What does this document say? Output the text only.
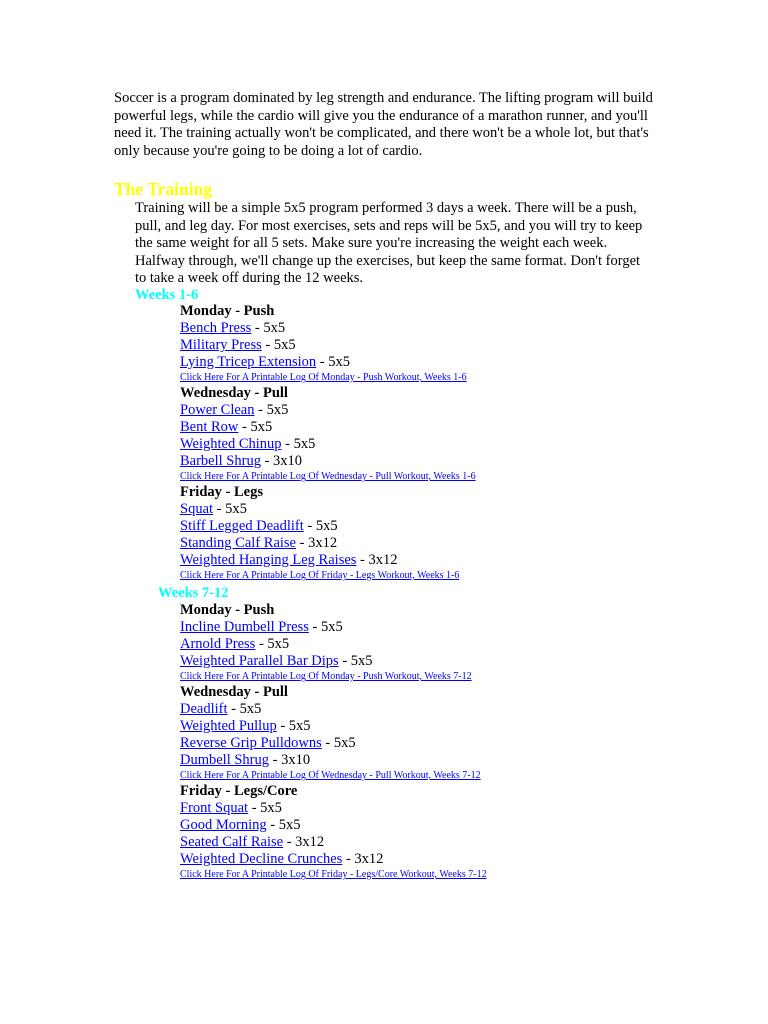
Soccer is a program dominated by leg strength and endurance. The lifting program will build powerful legs, while the cardio will give you the endurance of a marathon runner, and you'll need it. The training actually won't be complicated, and there won't be a whole lot, but that's only because you're going to be doing a lot of cardio.

The Training

Training will be a simple 5x5 program performed 3 days a week. There will be a push, pull, and leg day. For most exercises, sets and reps will be 5x5, and you will try to keep the same weight for all 5 sets. Make sure you're increasing the weight each week. Halfway through, we'll change up the exercises, but keep the same format. Don't forget to take a week off during the 12 weeks.

Weeks 1-6
Monday - Push
Bench Press - 5x5
Military Press - 5x5
Lying Tricep Extension - 5x5
Click Here For A Printable Log Of Monday - Push Workout, Weeks 1-6
Wednesday - Pull
Power Clean - 5x5
Bent Row - 5x5
Weighted Chinup - 5x5
Barbell Shrug - 3x10
Click Here For A Printable Log Of Wednesday - Pull Workout, Weeks 1-6
Friday - Legs
Squat - 5x5
Stiff Legged Deadlift - 5x5
Standing Calf Raise - 3x12
Weighted Hanging Leg Raises - 3x12
Click Here For A Printable Log Of Friday - Legs Workout, Weeks 1-6
Weeks 7-12
Monday - Push
Incline Dumbell Press - 5x5
Arnold Press - 5x5
Weighted Parallel Bar Dips - 5x5
Click Here For A Printable Log Of Monday - Push Workout, Weeks 7-12
Wednesday - Pull
Deadlift - 5x5
Weighted Pullup - 5x5
Reverse Grip Pulldowns - 5x5
Dumbell Shrug - 3x10
Click Here For A Printable Log Of Wednesday - Pull Workout, Weeks 7-12
Friday - Legs/Core
Front Squat - 5x5
Good Morning - 5x5
Seated Calf Raise - 3x12
Weighted Decline Crunches - 3x12
Click Here For A Printable Log Of Friday - Legs/Core Workout, Weeks 7-12
